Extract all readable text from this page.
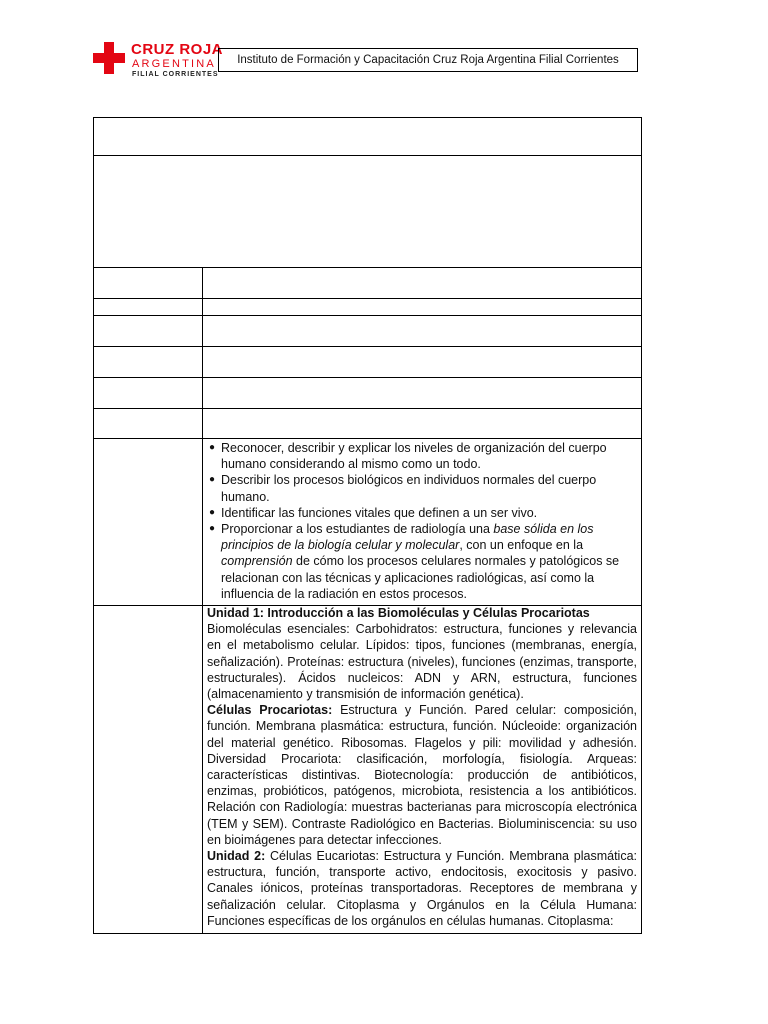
CRUZ ROJA
ARGENTINA
FILIAL CORRIENTES
Instituto de Formación y Capacitación Cruz Roja Argentina Filial Corrientes
● Reconocer, describir y explicar los niveles de organización del cuerpo humano considerando al mismo como un todo.
● Describir los procesos biológicos en individuos normales del cuerpo humano.
● Identificar las funciones vitales que definen a un ser vivo.
● Proporcionar a los estudiantes de radiología una base sólida en los principios de la biología celular y molecular, con un enfoque en la comprensión de cómo los procesos celulares normales y patológicos se relacionan con las técnicas y aplicaciones radiológicas, así como la influencia de la radiación en estos procesos.

Unidad 1: Introducción a las Biomoléculas y Células Procariotas

Biomoléculas esenciales: Carbohidratos: estructura, funciones y relevancia en el metabolismo celular. Lípidos: tipos, funciones (membranas, energía, señalización). Proteínas: estructura (niveles), funciones (enzimas, transporte, estructurales). Ácidos nucleicos: ADN y ARN, estructura, funciones (almacenamiento y transmisión de información genética).

Células Procariotas: Estructura y Función. Pared celular: composición, función. Membrana plasmática: estructura, función. Núcleoide: organización del material genético. Ribosomas. Flagelos y pili: movilidad y adhesión. Diversidad Procariota: clasificación, morfología, fisiología. Arqueas: características distintivas. Biotecnología: producción de antibióticos, enzimas, probióticos, patógenos, microbiota, resistencia a los antibióticos. Relación con Radiología: muestras bacterianas para microscopía electrónica (TEM y SEM). Contraste Radiológico en Bacterias. Bioluminiscencia: su uso en bioimágenes para detectar infecciones.

Unidad 2: Células Eucariotas: Estructura y Función. Membrana plasmática: estructura, función, transporte activo, endocitosis, exocitosis y pasivo. Canales iónicos, proteínas transportadoras. Receptores de membrana y señalización celular. Citoplasma y Orgánulos en la Célula Humana: Funciones específicas de los orgánulos en células humanas. Citoplasma:
